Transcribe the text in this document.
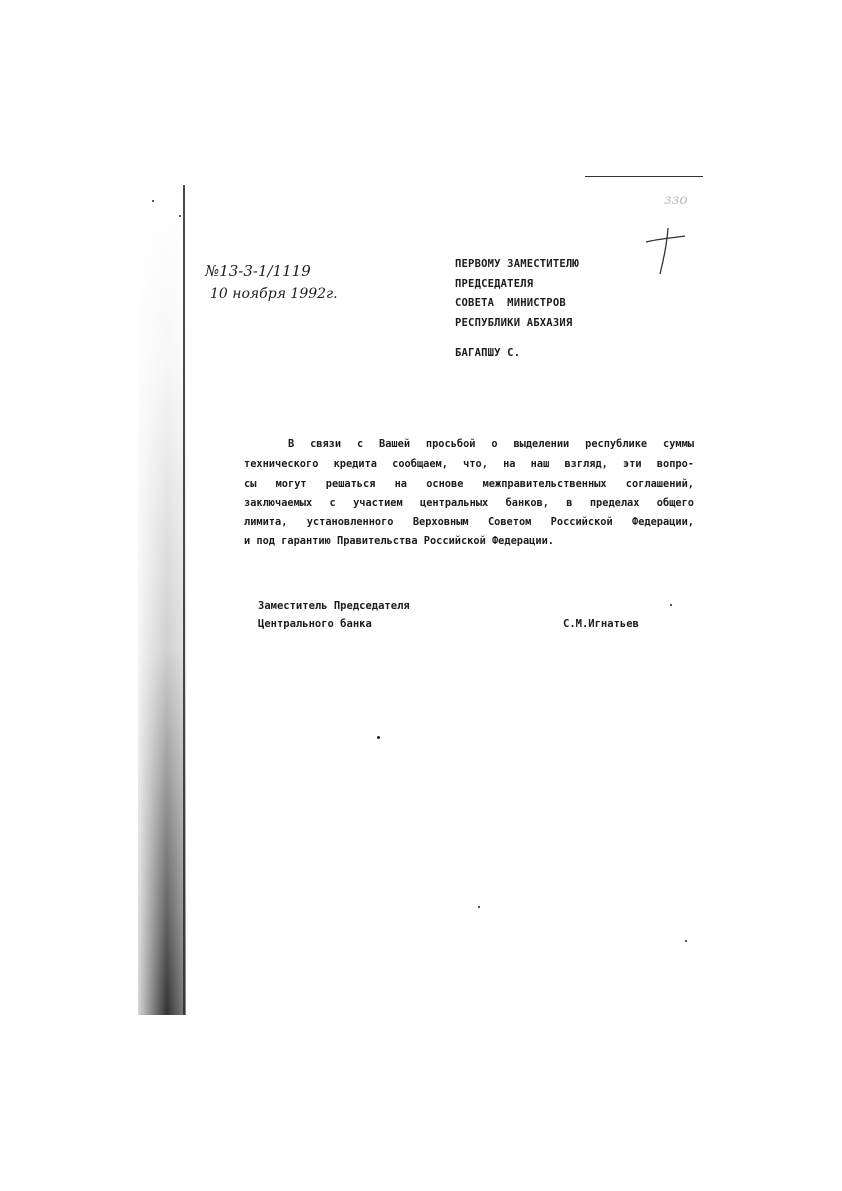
ззо
№13-3-1/1119
10 ноября 1992г.
ПЕРВОМУ ЗАМЕСТИТЕЛЮ
ПРЕДСЕДАТЕЛЯ
СОВЕТА  МИНИСТРОВ
РЕСПУБЛИКИ АБХАЗИЯ
БАГАПШУ С.
В связи с Вашей просьбой о выделении республике суммы
технического кредита сообщаем, что, на наш взгляд, эти вопро-
сы могут решаться на основе межправительственных соглашений,
заключаемых с участием центральных банков, в пределах общего
лимита, установленного Верховным Советом Российской Федерации,
и под гарантию Правительства Российской Федерации.
Заместитель Председателя
Центрального банка	С.М.Игнатьев
